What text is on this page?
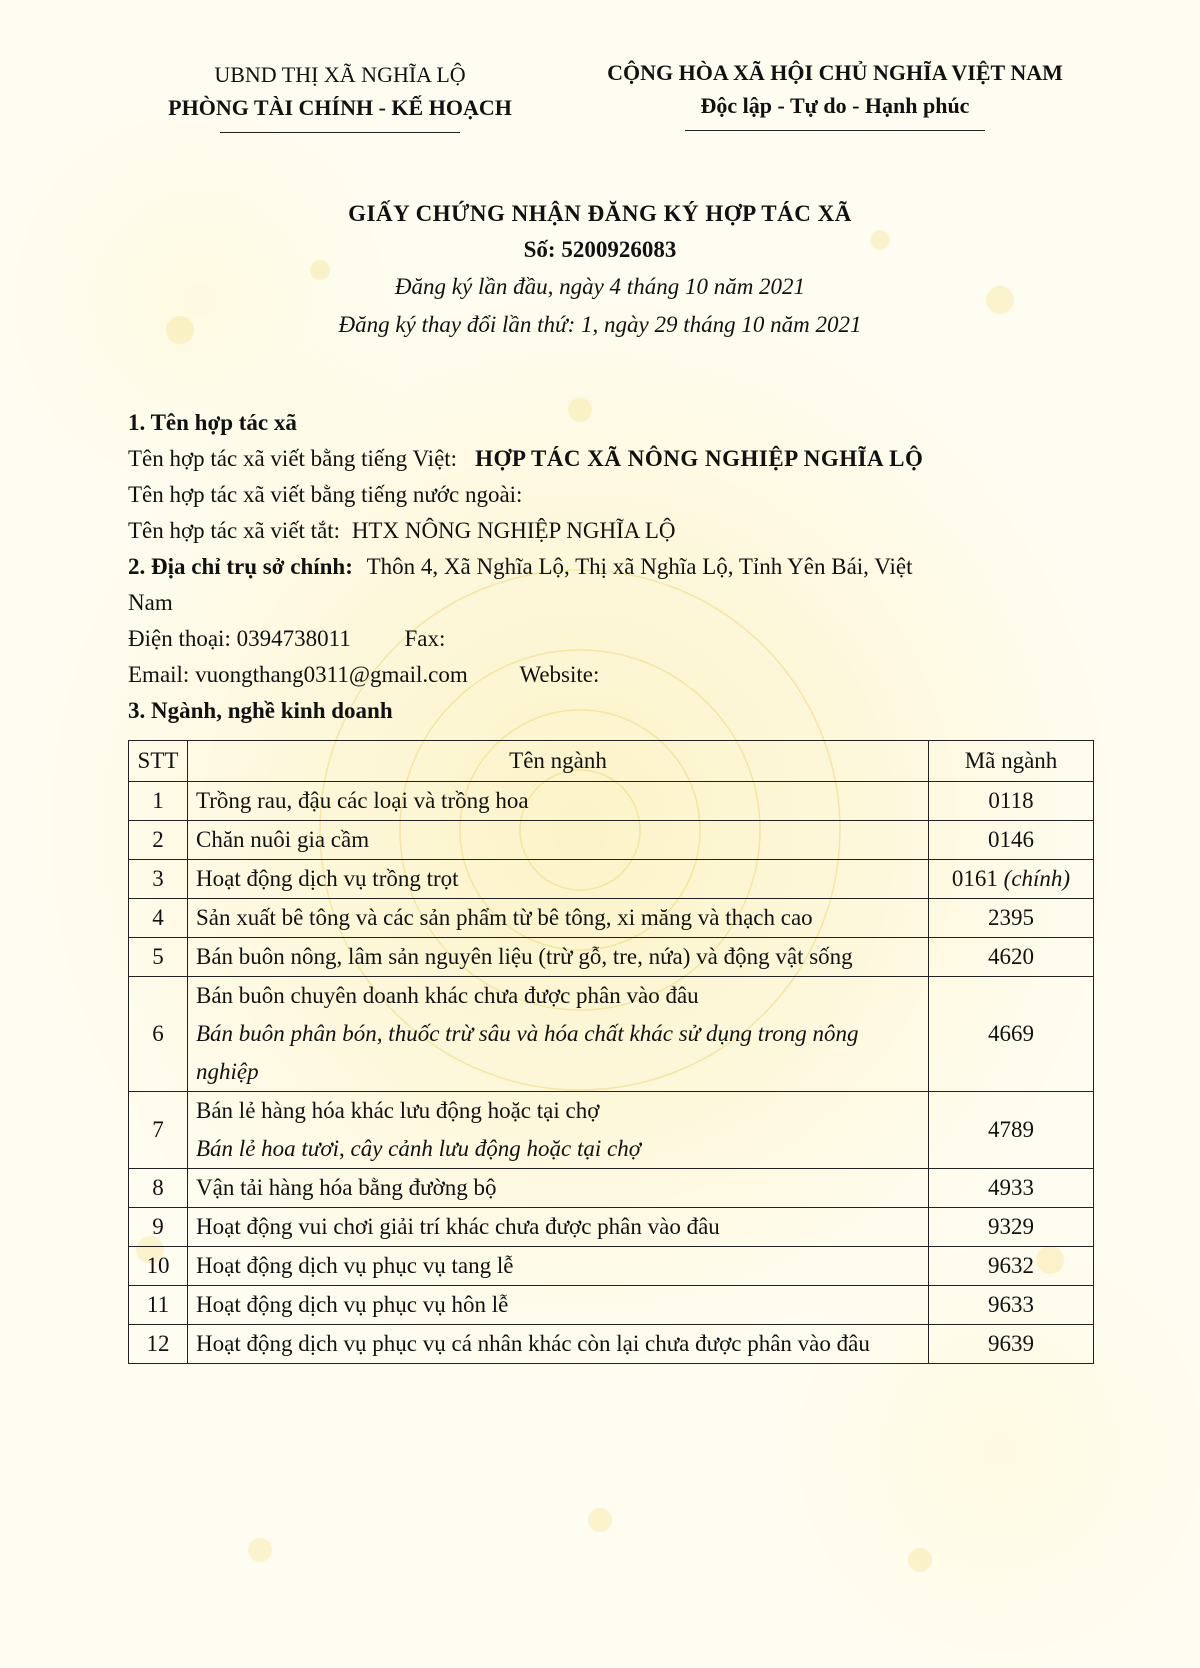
UBND THỊ XÃ NGHĨA LỘ
PHÒNG TÀI CHÍNH - KẾ HOẠCH
CỘNG HÒA XÃ HỘI CHỦ NGHĨA VIỆT NAM
Độc lập - Tự do - Hạnh phúc
GIẤY CHỨNG NHẬN ĐĂNG KÝ HỢP TÁC XÃ
Số: 5200926083
Đăng ký lần đầu, ngày 4 tháng 10 năm 2021
Đăng ký thay đổi lần thứ: 1, ngày 29 tháng 10 năm 2021
1. Tên hợp tác xã
Tên hợp tác xã viết bằng tiếng Việt: HỢP TÁC XÃ NÔNG NGHIỆP NGHĨA LỘ
Tên hợp tác xã viết bằng tiếng nước ngoài:
Tên hợp tác xã viết tắt: HTX NÔNG NGHIỆP NGHĨA LỘ
2. Địa chỉ trụ sở chính: Thôn 4, Xã Nghĩa Lộ, Thị xã Nghĩa Lộ, Tỉnh Yên Bái, Việt
Nam
Điện thoại: 0394738011 Fax:
Email: vuongthang0311@gmail.com Website:
3. Ngành, nghề kinh doanh
STT	Tên ngành	Mã ngành
1	Trồng rau, đậu các loại và trồng hoa	0118
2	Chăn nuôi gia cầm	0146
3	Hoạt động dịch vụ trồng trọt	0161 (chính)
4	Sản xuất bê tông và các sản phẩm từ bê tông, xi măng và thạch cao	2395
5	Bán buôn nông, lâm sản nguyên liệu (trừ gỗ, tre, nứa) và động vật sống	4620
6	Bán buôn chuyên doanh khác chưa được phân vào đâu
Bán buôn phân bón, thuốc trừ sâu và hóa chất khác sử dụng trong nông nghiệp	4669
7	Bán lẻ hàng hóa khác lưu động hoặc tại chợ
Bán lẻ hoa tươi, cây cảnh lưu động hoặc tại chợ	4789
8	Vận tải hàng hóa bằng đường bộ	4933
9	Hoạt động vui chơi giải trí khác chưa được phân vào đâu	9329
10	Hoạt động dịch vụ phục vụ tang lễ	9632
11	Hoạt động dịch vụ phục vụ hôn lễ	9633
12	Hoạt động dịch vụ phục vụ cá nhân khác còn lại chưa được phân vào đâu	9639
